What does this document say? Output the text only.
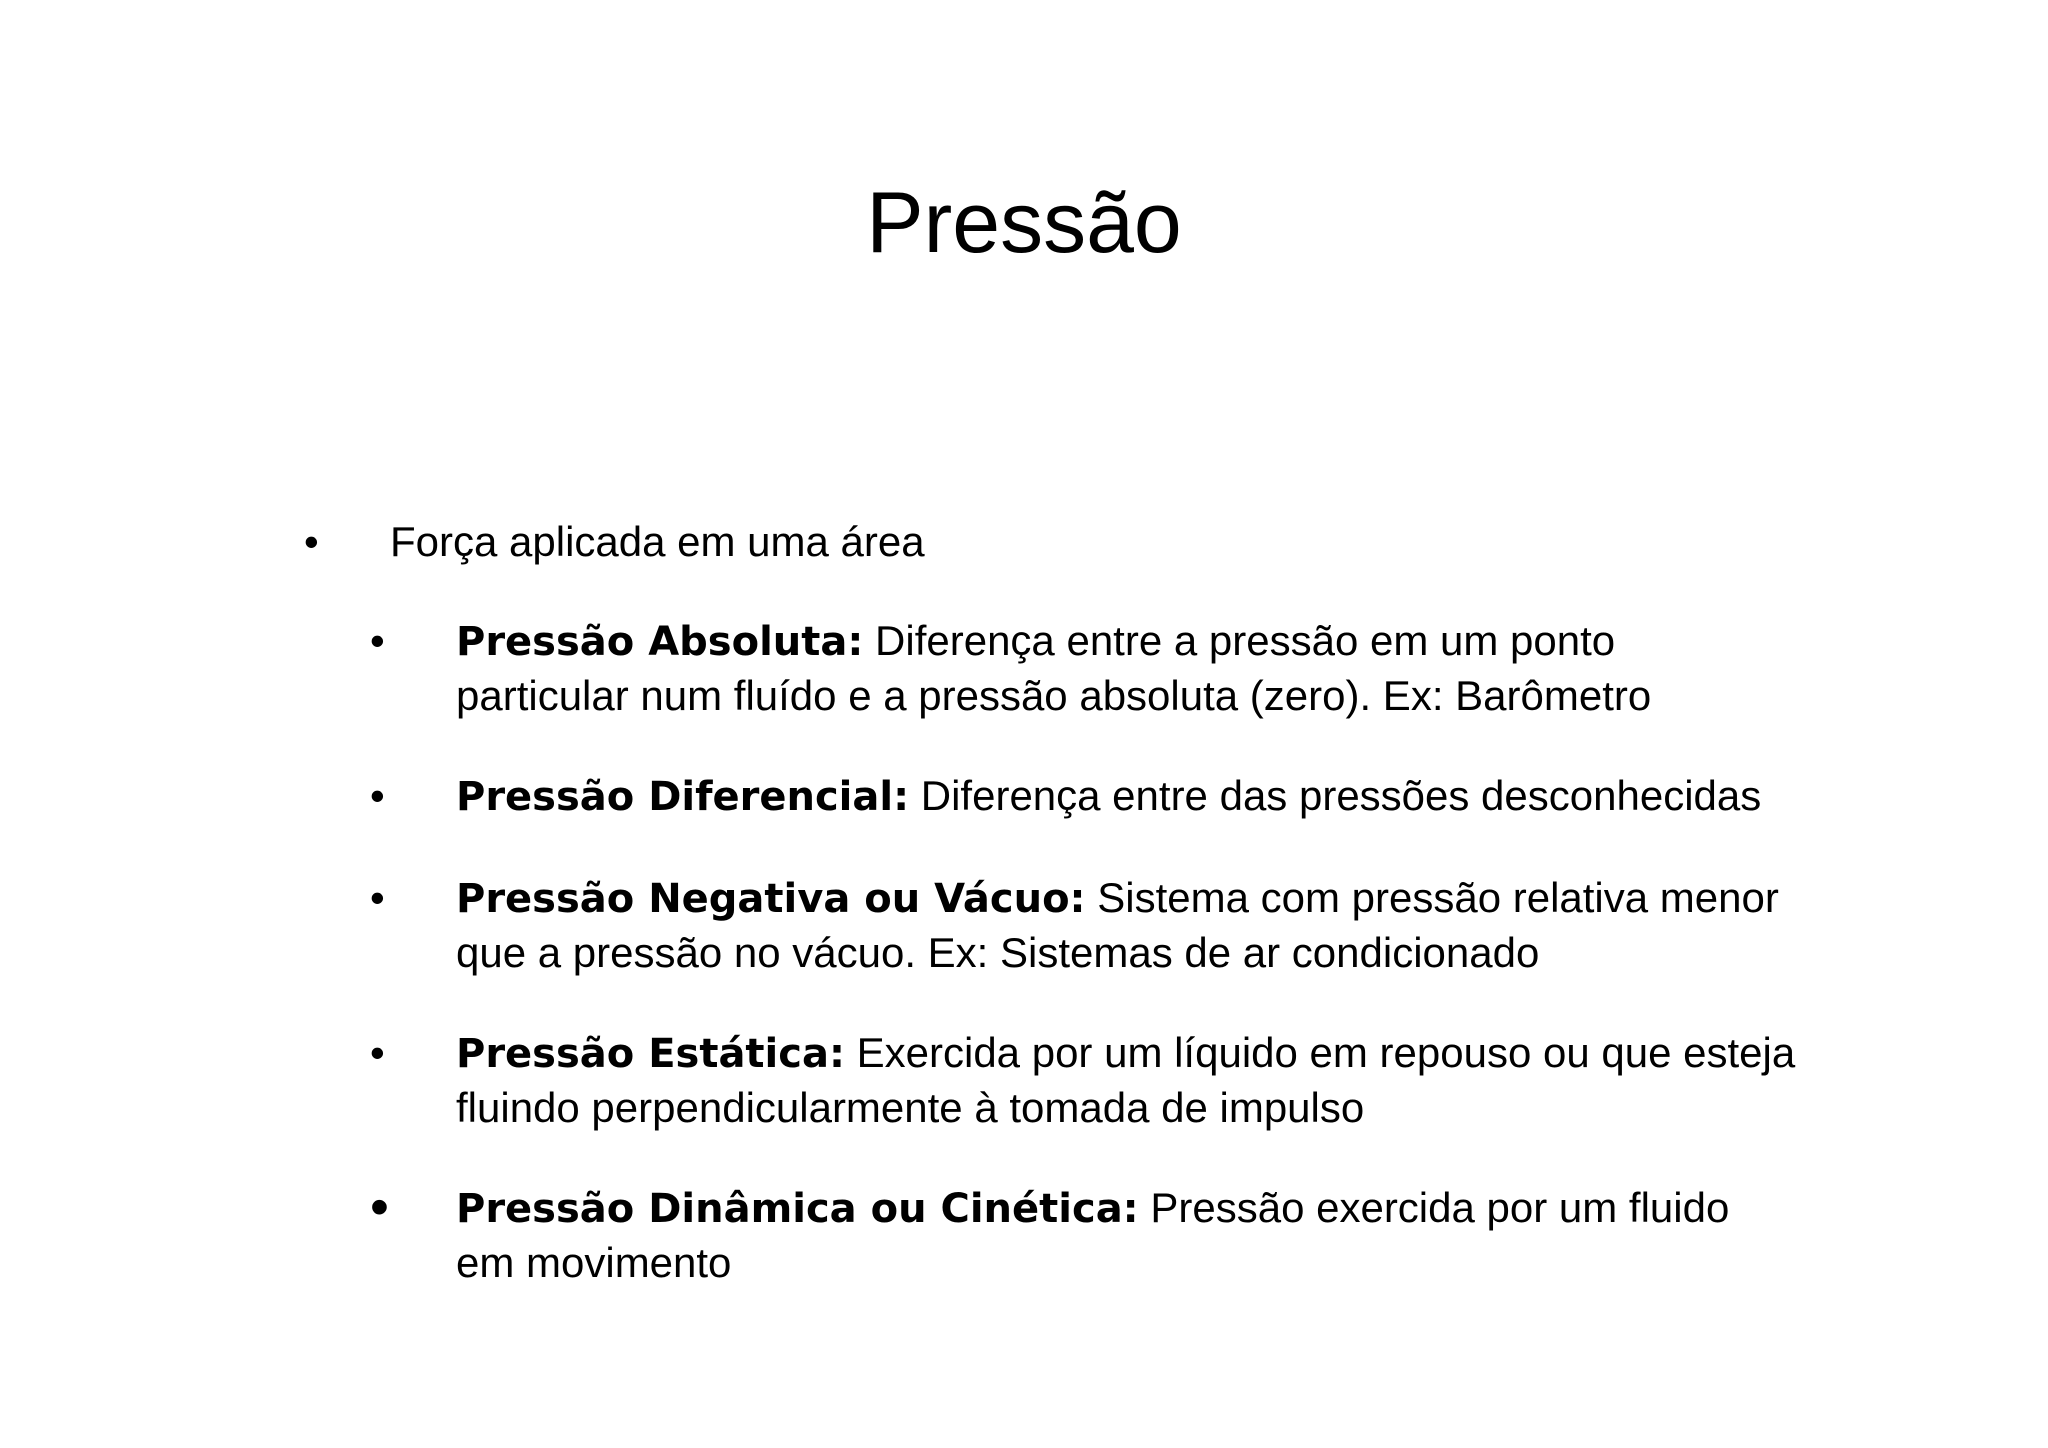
Pressão

• Força aplicada em uma área

• Pressão Absoluta: Diferença entre a pressão em um ponto
particular num fluído e a pressão absoluta (zero). Ex: Barômetro
• Pressão Diferencial: Diferença entre das pressões desconhecidas
• Pressão Negativa ou Vácuo: Sistema com pressão relativa menor
que a pressão no vácuo. Ex: Sistemas de ar condicionado
• Pressão Estática: Exercida por um líquido em repouso ou que esteja
fluindo perpendicularmente à tomada de impulso
• Pressão Dinâmica ou Cinética: Pressão exercida por um fluido
em movimento
